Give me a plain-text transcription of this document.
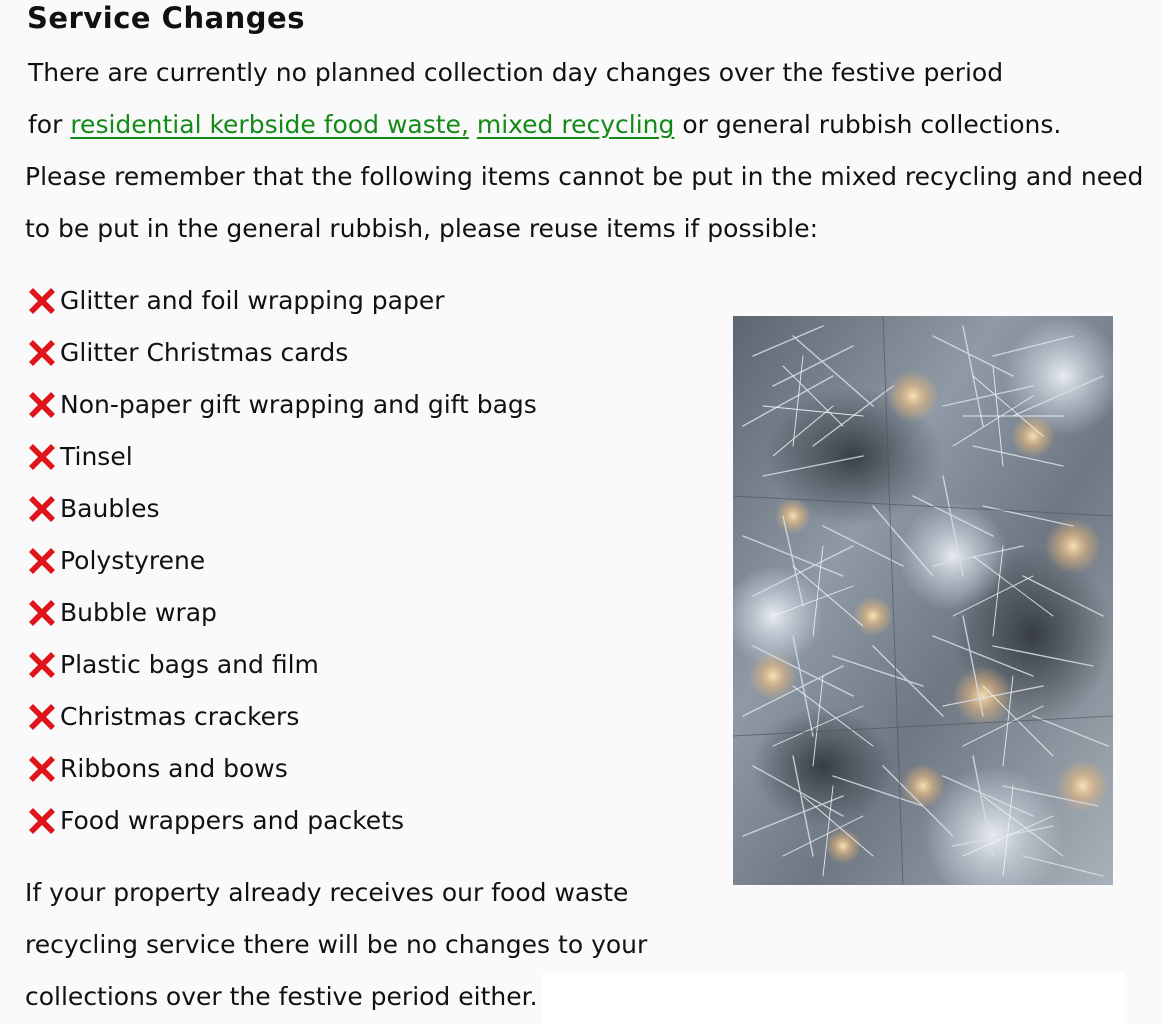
Service Changes

There are currently no planned collection day changes over the festive period
for residential kerbside food waste, mixed recycling or general rubbish collections.

Please remember that the following items cannot be put in the mixed recycling and need
to be put in the general rubbish, please reuse items if possible:

Glitter and foil wrapping paper
Glitter Christmas cards
Non-paper gift wrapping and gift bags
Tinsel
Baubles
Polystyrene
Bubble wrap
Plastic bags and film
Christmas crackers
Ribbons and bows
Food wrappers and packets

If your property already receives our food waste
recycling service there will be no changes to your
collections over the festive period either.
